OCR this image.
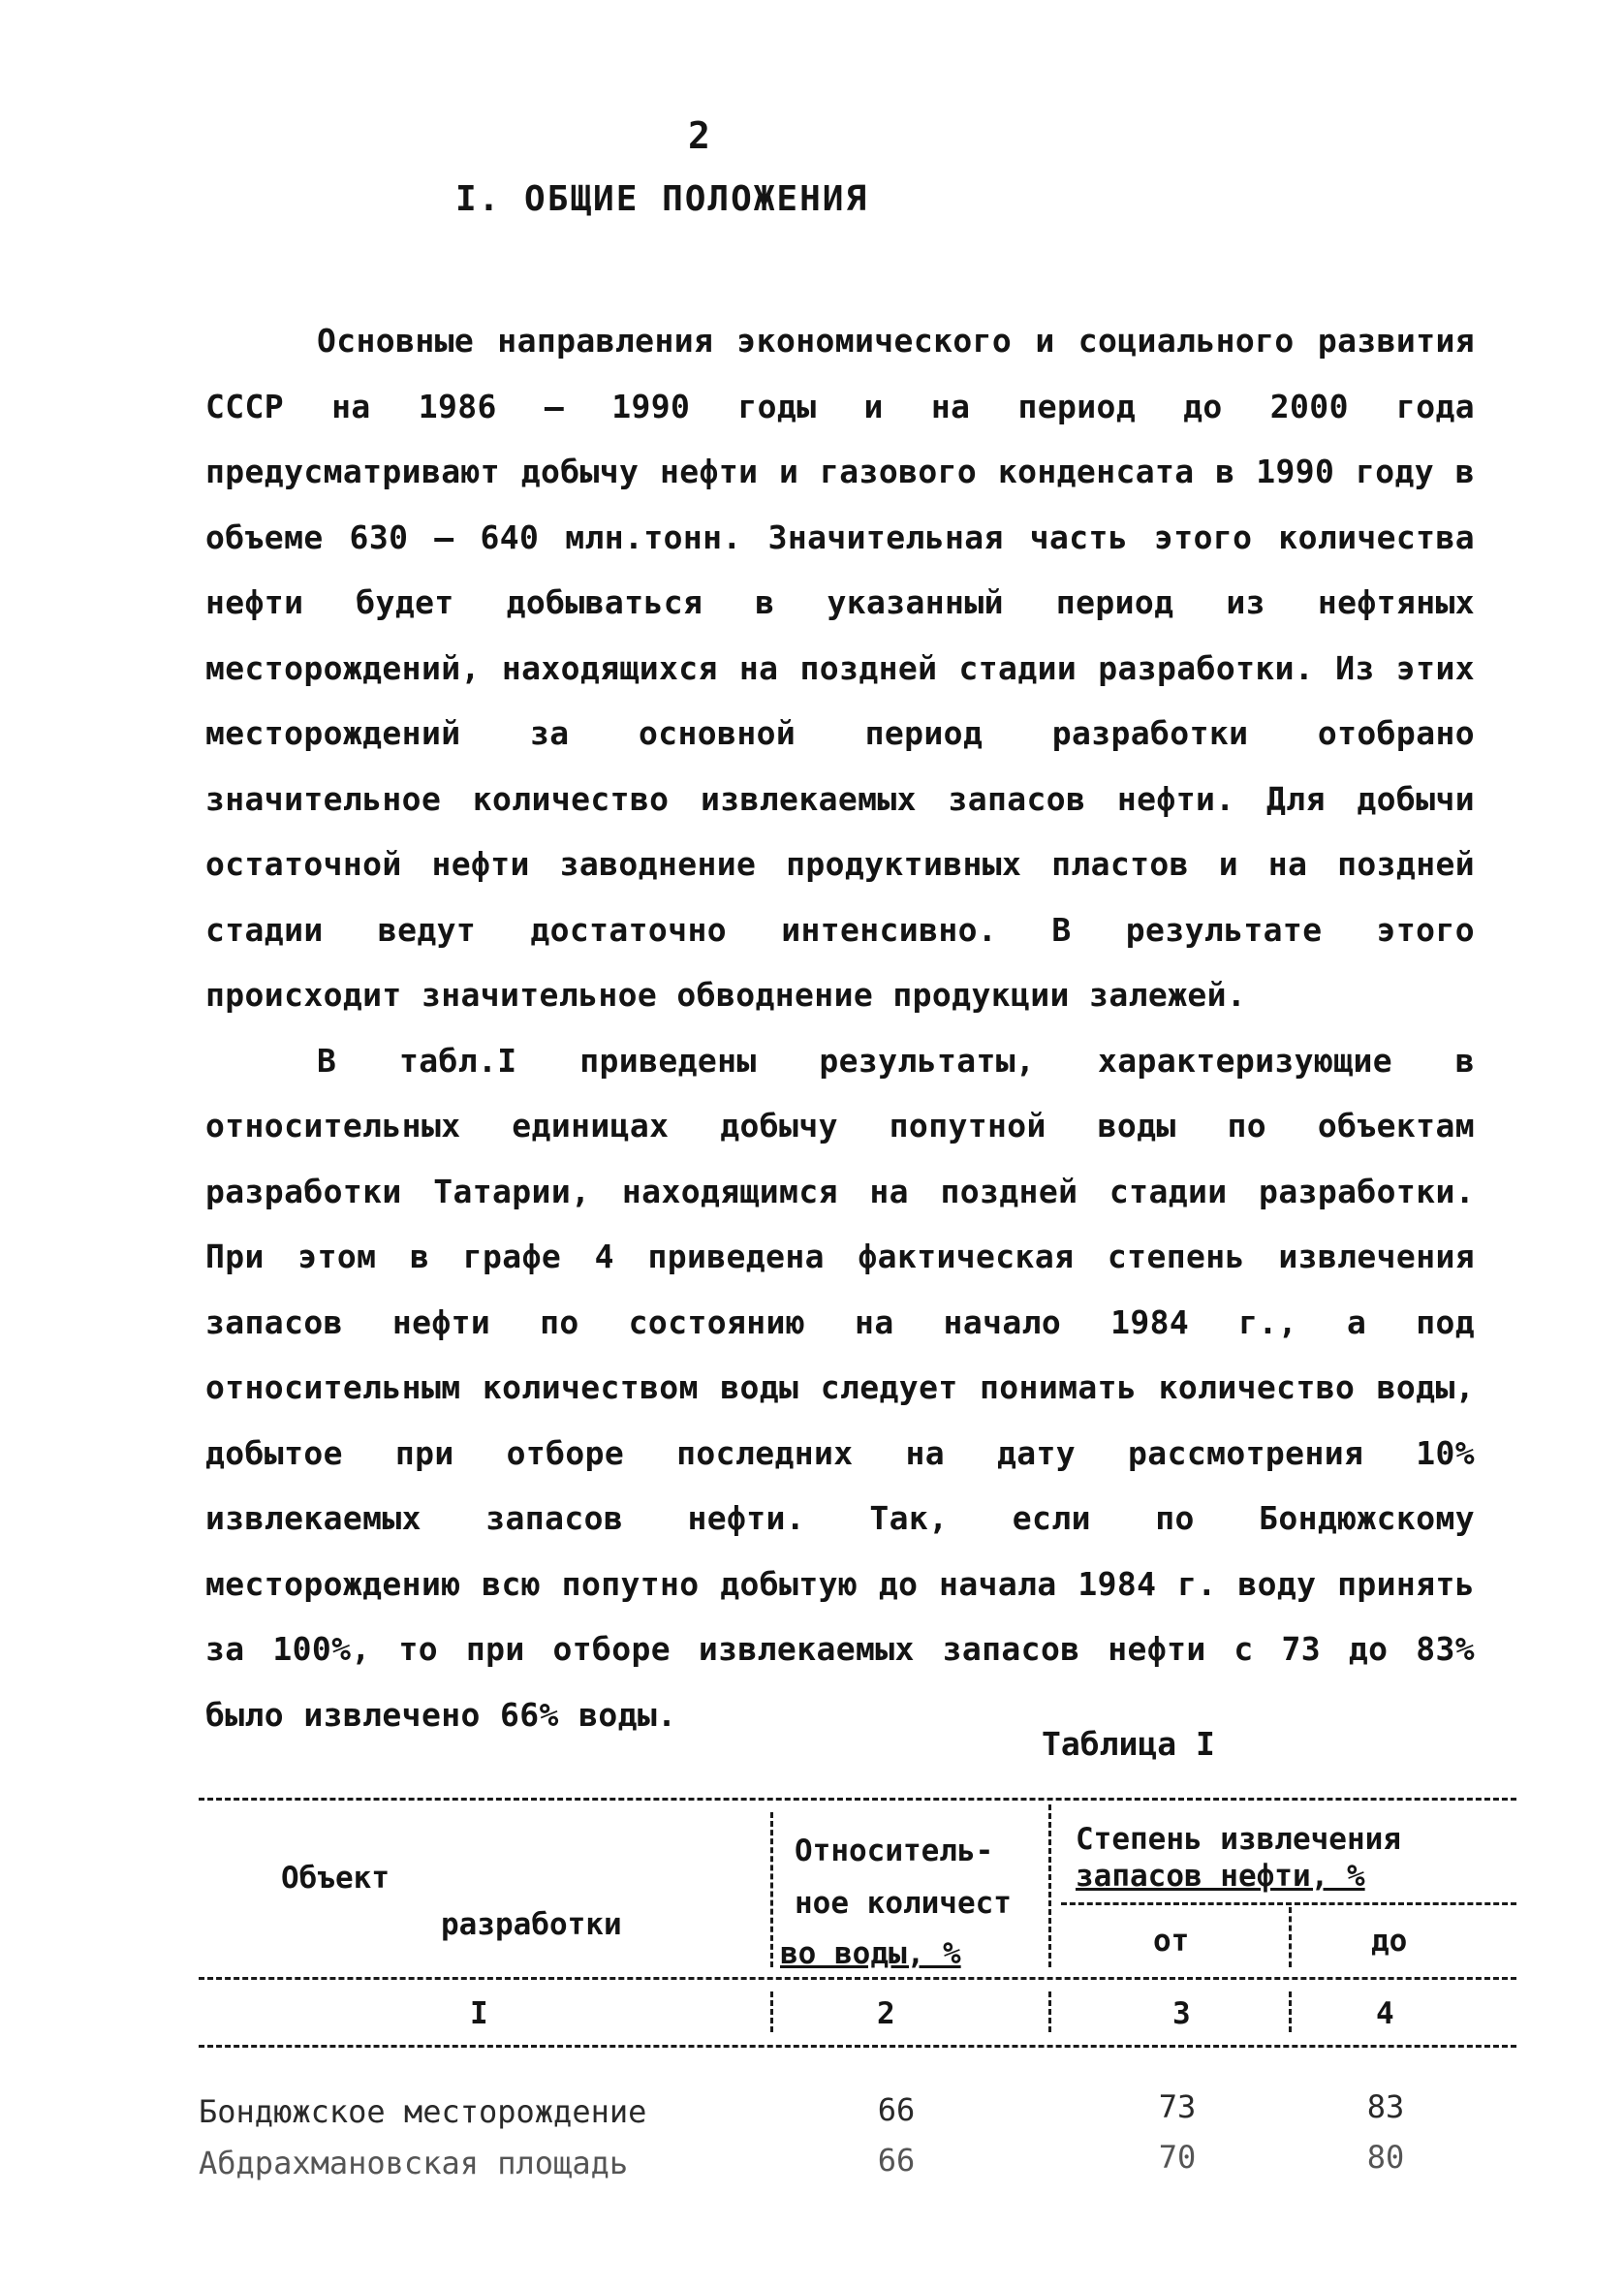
2
I. ОБЩИЕ ПОЛОЖЕНИЯ

Основные направления экономического и социального развития СССР на 1986 – 1990 годы и на период до 2000 года предусматривают добычу нефти и газового конденсата в 1990 году в объеме 630 – 640 млн.тонн. Значительная часть этого количества нефти будет добываться в указанный период из нефтяных месторождений, находящихся на поздней стадии разработки. Из этих месторождений за основной период разработки отобрано значительное количество извлекаемых запасов нефти. Для добычи остаточной нефти заводнение продуктивных пластов и на поздней стадии ведут достаточно интенсивно. В результате этого происходит значительное обводнение продукции залежей.

В табл.I приведены результаты, характеризующие в относительных единицах добычу попутной воды по объектам разработки Татарии, находящимся на поздней стадии разработки. При этом в графе 4 приведена фактическая степень извлечения запасов нефти по состоянию на начало 1984 г., а под относительным количеством воды следует понимать количество воды, добытое при отборе последних на дату рассмотрения 10% извлекаемых запасов нефти. Так, если по Бондюжскому месторождению всю попутно добытую до начала 1984 г. воду принять за 100%, то при отборе извлекаемых запасов нефти с 73 до 83% было извлечено 66% воды.

Таблица I
Объект
разработки
Относитель-
ное количест
во воды, %
Степень извлечения
запасов нефти, %
от	до
I	2	3	4
Бондюжское месторождение	66	73	83
Абдрахмановская площадь	66	70	80
